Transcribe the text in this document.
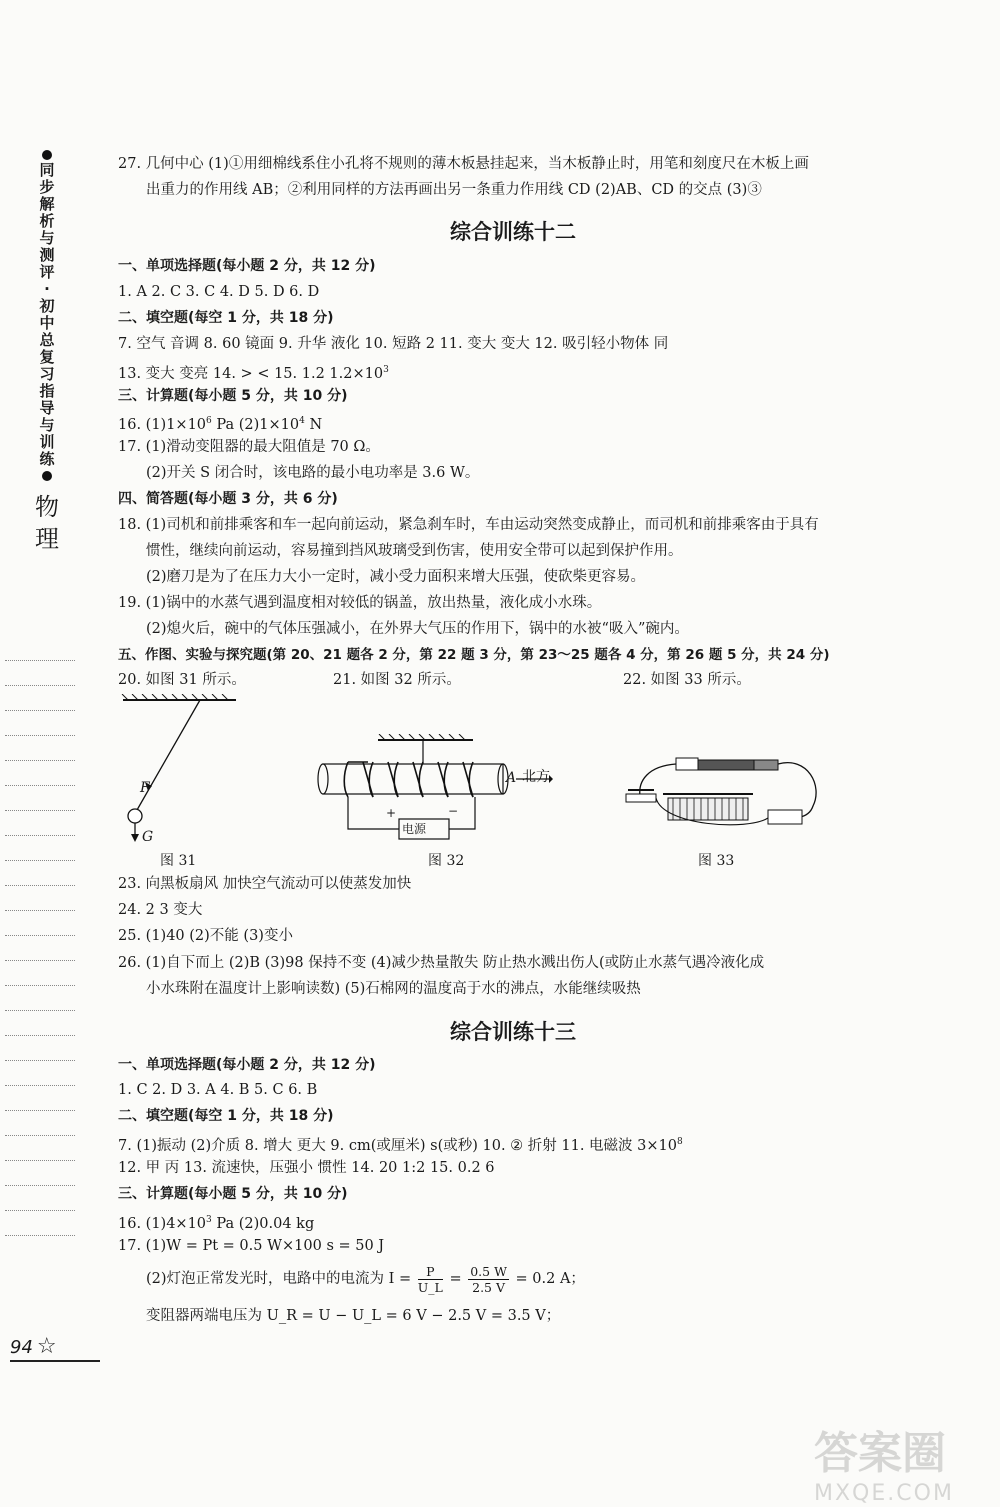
同步解析与测评·初中总复习指导与训练
物理
94 ☆
27. 几何中心 (1)①用细棉线系住小孔将不规则的薄木板悬挂起来，当木板静止时，用笔和刻度尺在木板上画
出重力的作用线 AB；②利用同样的方法再画出另一条重力作用线 CD (2)AB、CD 的交点 (3)③
综合训练十二
一、单项选择题(每小题 2 分，共 12 分)
1. A 2. C 3. C 4. D 5. D 6. D
二、填空题(每空 1 分，共 18 分)
7. 空气 音调 8. 60 镜面 9. 升华 液化 10. 短路 2 11. 变大 变大 12. 吸引轻小物体 同
13. 变大 变亮 14. > < 15. 1.2 $1.2\times 10^3$
三、计算题(每小题 5 分，共 10 分)
16. $(1)1\times 10^6$ Pa $(2)1\times 10^4$ N
17. (1)滑动变阻器的最大阻值是 70 Ω。
(2)开关 S 闭合时，该电路的最小电功率是 3.6 W。
四、简答题(每小题 3 分，共 6 分)
18. (1)司机和前排乘客和车一起向前运动，紧急刹车时，车由运动突然变成静止，而司机和前排乘客由于具有
惯性，继续向前运动，容易撞到挡风玻璃受到伤害，使用安全带可以起到保护作用。
(2)磨刀是为了在压力大小一定时，减小受力面积来增大压强，使砍柴更容易。
19. (1)锅中的水蒸气遇到温度相对较低的锅盖，放出热量，液化成小水珠。
(2)熄火后，碗中的气体压强减小，在外界大气压的作用下，锅中的水被“吸入”碗内。
五、作图、实验与探究题(第 20、21 题各 2 分，第 22 题 3 分，第 23～25 题各 4 分，第 26 题 5 分，共 24 分)
20. 如图 31 所示。	21. 如图 32 所示。	22. 如图 33 所示。
F
G
图 31
电源
+	−
A 北方
图 32	图 33
23. 向黑板扇风 加快空气流动可以使蒸发加快
24. 2 3 变大
25. (1)40 (2)不能 (3)变小
26. (1)自下而上 (2)B (3)98 保持不变 (4)减少热量散失 防止热水溅出伤人(或防止水蒸气遇冷液化成
小水珠附在温度计上影响读数) (5)石棉网的温度高于水的沸点，水能继续吸热
综合训练十三
一、单项选择题(每小题 2 分，共 12 分)
1. C 2. D 3. A 4. B 5. C 6. B
二、填空题(每空 1 分，共 18 分)
7. (1)振动 (2)介质 8. 增大 更大 9. cm(或厘米) s(或秒) 10. ② 折射 11. 电磁波 $3\times 10^8$
12. 甲 丙 13. 流速快，压强小 惯性 14. 20 1:2 15. 0.2 6
三、计算题(每小题 5 分，共 10 分)
16. $(1)4\times 10^3$ Pa (2)0.04 kg
17. (1)W = Pt = 0.5 W×100 s = 50 J
(2)灯泡正常发光时，电路中的电流为 $I = \frac{P}{U\_L} = \frac{0.5 W}{2.5 V} = 0.2$ A；
变阻器两端电压为 U_R = U − U_L = 6 V − 2.5 V = 3.5 V；
答案圈
MXQE.COM
